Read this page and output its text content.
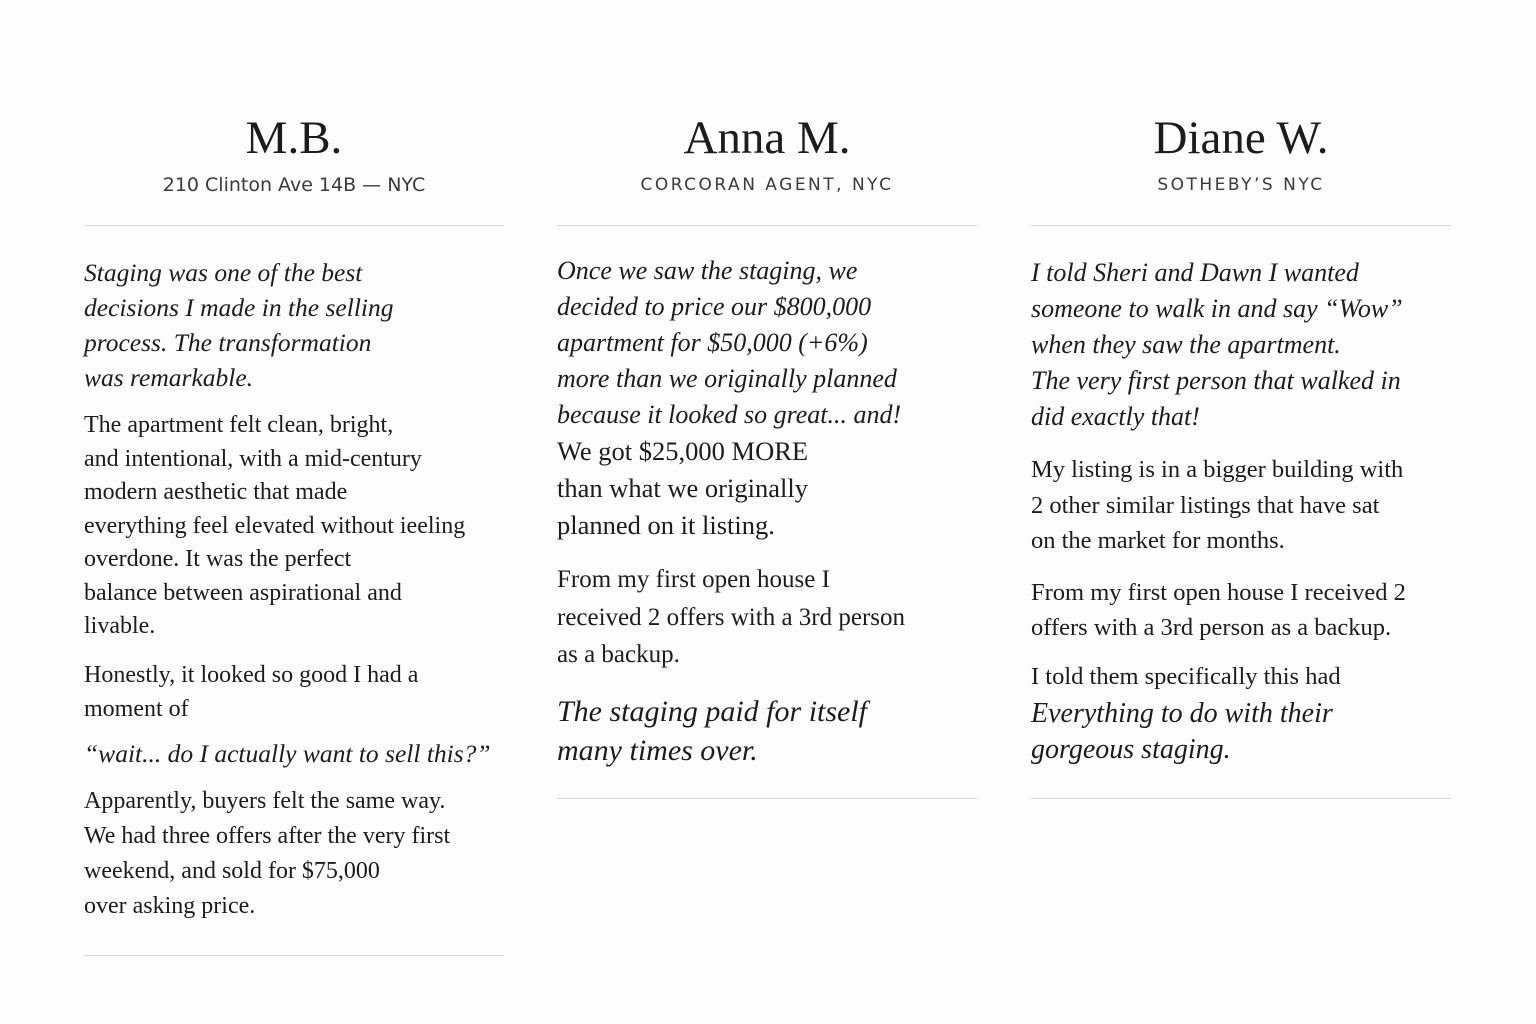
M.B.
210 Clinton Ave 14B — NYC

Staging was one of the best
decisions I made in the selling
process. The transformation
was remarkable.

The apartment felt clean, bright,
and intentional, with a mid-century
modern aesthetic that made
everything feel elevated without ieeling
overdone. It was the perfect
balance between aspirational and
livable.

Honestly, it looked so good I had a
moment of

“wait... do I actually want to sell this?”

Apparently, buyers felt the same way.
We had three offers after the very first
weekend, and sold for $75,000
over asking price.

Anna M.
CORCORAN AGENT, NYC

Once we saw the staging, we
decided to price our $800,000
apartment for $50,000 (+6%)
more than we originally planned
because it looked so great... and!

We got $25,000 MORE
than what we originally
planned on it listing.

From my first open house I
received 2 offers with a 3rd person
as a backup.

The staging paid for itself
many times over.

Diane W.
SOTHEBY’S NYC

I told Sheri and Dawn I wanted
someone to walk in and say “Wow”
when they saw the apartment.
The very first person that walked in
did exactly that!

My listing is in a bigger building with
2 other similar listings that have sat
on the market for months.

From my first open house I received 2
offers with a 3rd person as a backup.

I told them specifically this had

Everything to do with their
gorgeous staging.
